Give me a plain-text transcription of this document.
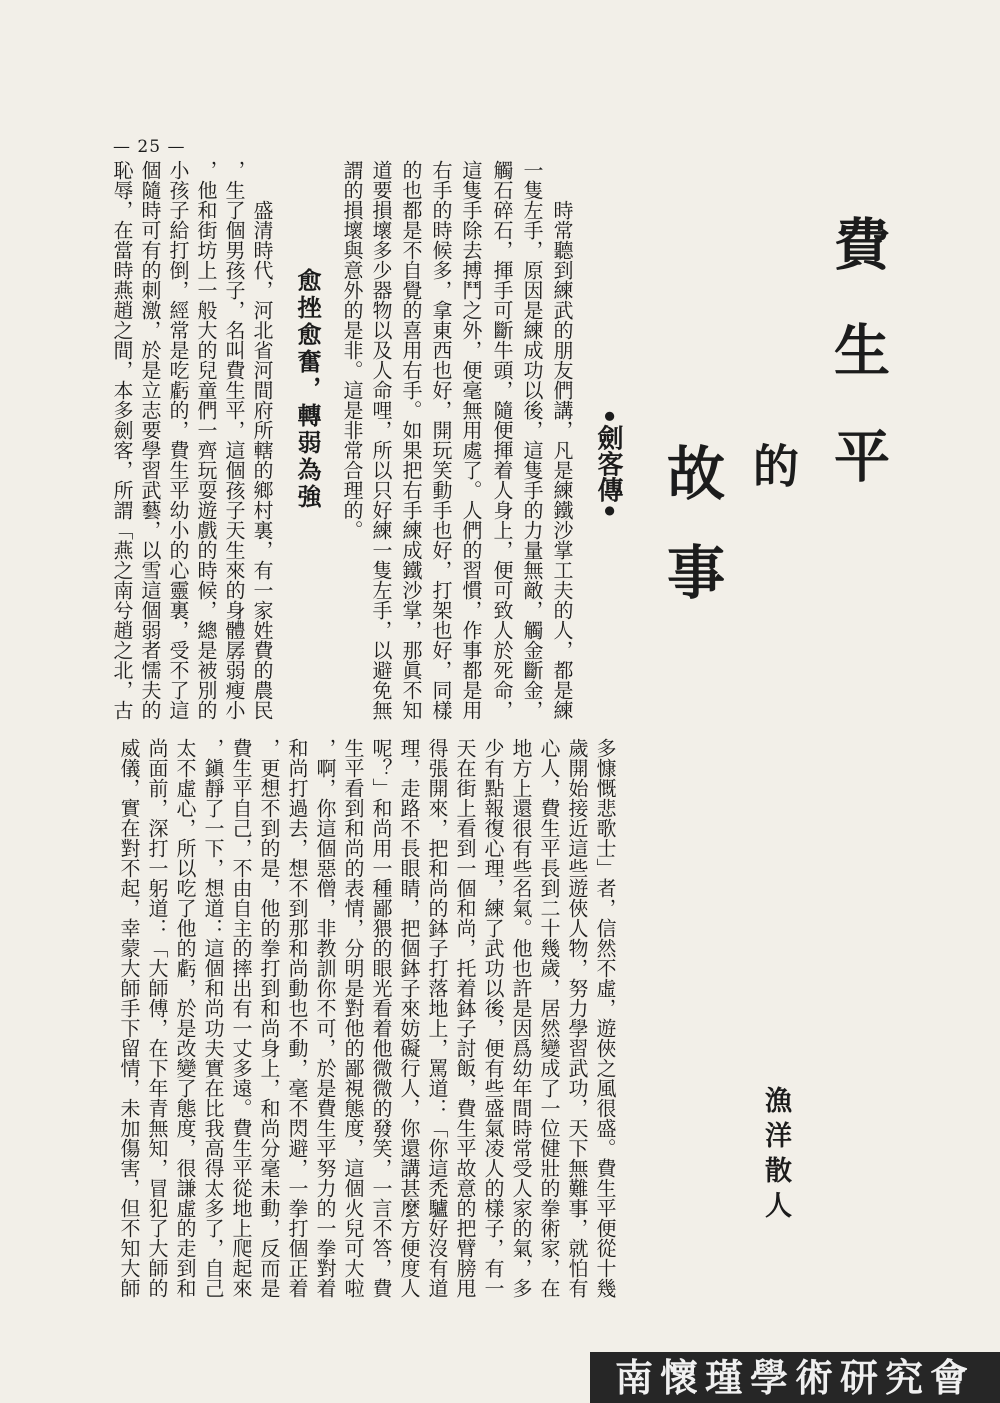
— 25 —
費生平
的
故事
•劍客傳•
漁洋散人
時常聽到練武的朋友們講，凡是練鐵沙掌工夫的人，都是練
一隻左手，原因是練成功以後，這隻手的力量無敵，觸金斷金，
觸石碎石，揮手可斷牛頭，隨便揮着人身上，便可致人於死命，
這隻手除去搏鬥之外，便毫無用處了。人們的習慣，作事都是用
右手的時候多，拿東西也好，開玩笑動手也好，打架也好，同樣
的也都是不自覺的喜用右手。如果把右手練成鐵沙掌，那眞不知
道要損壞多少器物以及人命哩，所以只好練一隻左手，以避免無
謂的損壞與意外的是非。這是非常合理的。
愈挫愈奮，轉弱為強
盛清時代，河北省河間府所轄的鄉村裏，有一家姓費的農民
，生了個男孩子，名叫費生平，這個孩子天生來的身體孱弱瘦小
，他和街坊上一般大的兒童們一齊玩耍遊戲的時候，總是被別的
小孩子給打倒，經常是吃虧的，費生平幼小的心靈裏，受不了這
個隨時可有的刺激，於是立志要學習武藝，以雪這個弱者懦夫的
恥辱，在當時燕趙之間，本多劍客，所謂「燕之南兮趙之北，古
多慷慨悲歌士」者，信然不虛，遊俠之風很盛。費生平便從十幾
歲開始接近這些遊俠人物，努力學習武功，天下無難事，就怕有
心人，費生平長到二十幾歲，居然變成了一位健壯的拳術家，在
地方上還很有些名氣。他也許是因爲幼年間時常受人家的氣，多
少有點報復心理，練了武功以後，便有些盛氣凌人的樣子，有一
天在街上看到一個和尚，托着鉢子討飯，費生平故意的把臂膀甩
得張開來，把和尚的鉢子打落地上，罵道：「你這禿驢好沒有道
理，走路不長眼睛，把個鉢子來妨礙行人，你還講甚麼方便度人
呢？」和尚用一種鄙猥的眼光看着他微微的發笑，一言不答，費
生平看到和尚的表情，分明是對他的鄙視態度，這個火兒可大啦
，啊，你這個惡僧，非教訓你不可，於是費生平努力的一拳對着
和尚打過去，想不到那和尚動也不動，毫不閃避，一拳打個正着
，更想不到的是，他的拳打到和尚身上，和尚分毫未動，反而是
費生平自己，不由自主的摔出有一丈多遠。費生平從地上爬起來
，鎭靜了一下，想道：這個和尚功夫實在比我高得太多了，自己
太不虛心，所以吃了他的虧，於是改變了態度，很謙虛的走到和
尚面前，深打一躬道：「大師傅，在下年青無知，冒犯了大師的
威儀，實在對不起，幸蒙大師手下留情，未加傷害，但不知大師
南懷瑾學術研究會
